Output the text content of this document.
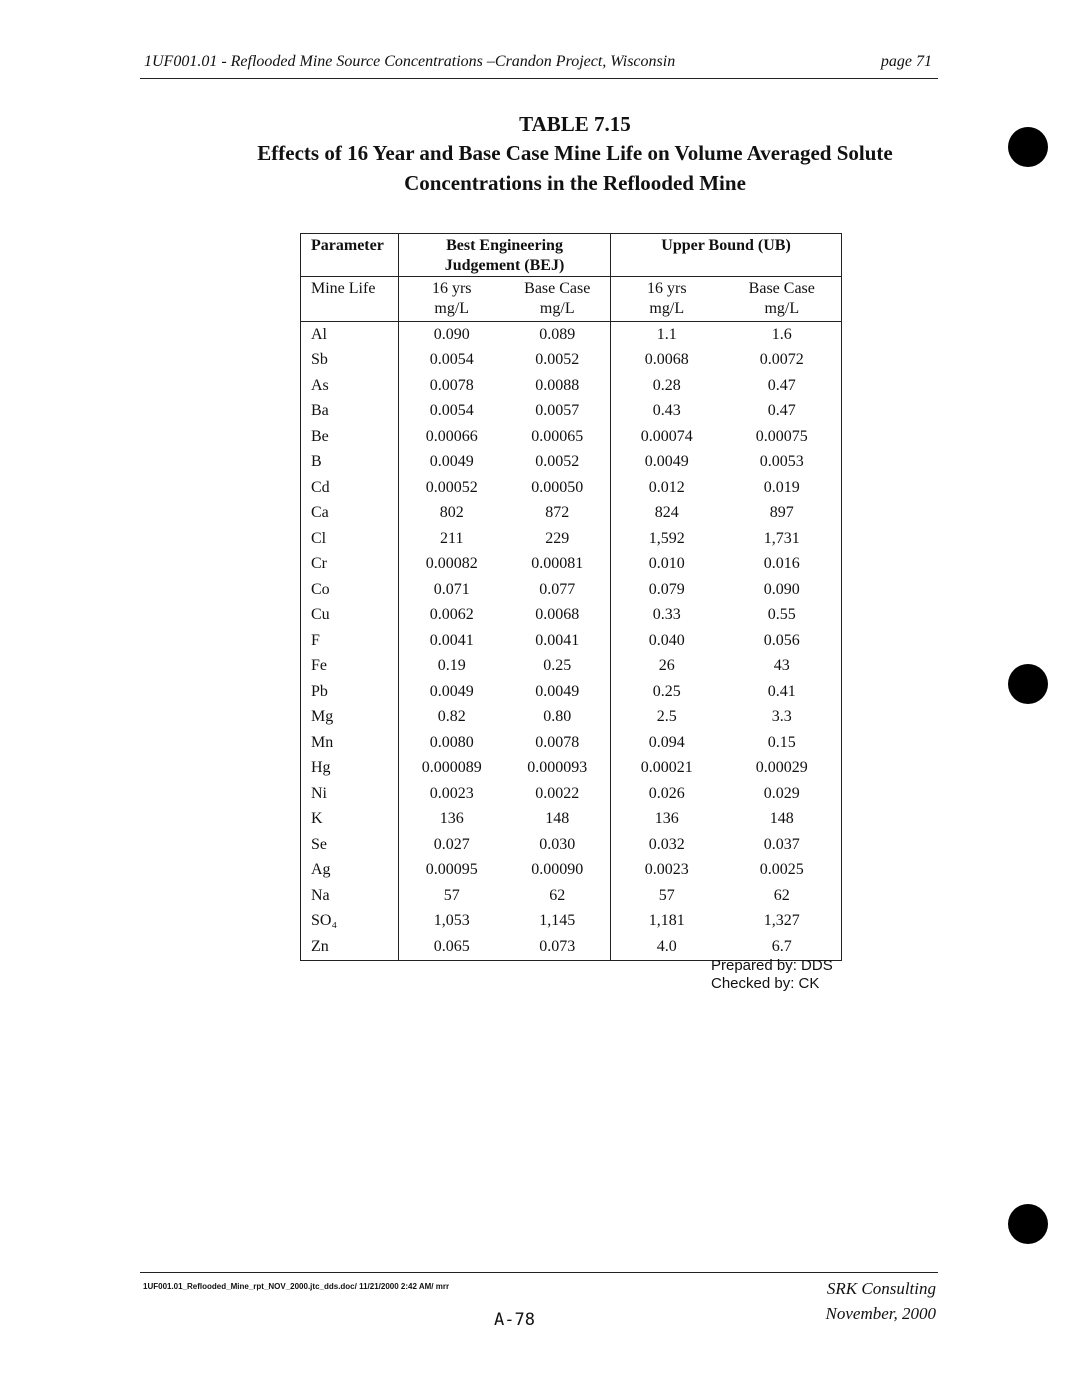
1UF001.01 - Reflooded Mine Source Concentrations –Crandon Project, Wisconsin	page 71
TABLE 7.15
Effects of 16 Year and Base Case Mine Life on Volume Averaged Solute
Concentrations in the Reflooded Mine
Parameter	Best Engineering Judgement (BEJ)		Upper Bound (UB)	
Mine Life	16 yrs mg/L	Base Case mg/L	16 yrs mg/L	Base Case mg/L
Al	0.090	0.089	1.1	1.6
Sb	0.0054	0.0052	0.0068	0.0072
As	0.0078	0.0088	0.28	0.47
Ba	0.0054	0.0057	0.43	0.47
Be	0.00066	0.00065	0.00074	0.00075
B	0.0049	0.0052	0.0049	0.0053
Cd	0.00052	0.00050	0.012	0.019
Ca	802	872	824	897
Cl	211	229	1,592	1,731
Cr	0.00082	0.00081	0.010	0.016
Co	0.071	0.077	0.079	0.090
Cu	0.0062	0.0068	0.33	0.55
F	0.0041	0.0041	0.040	0.056
Fe	0.19	0.25	26	43
Pb	0.0049	0.0049	0.25	0.41
Mg	0.82	0.80	2.5	3.3
Mn	0.0080	0.0078	0.094	0.15
Hg	0.000089	0.000093	0.00021	0.00029
Ni	0.0023	0.0022	0.026	0.029
K	136	148	136	148
Se	0.027	0.030	0.032	0.037
Ag	0.00095	0.00090	0.0023	0.0025
Na	57	62	57	62
SO₄	1,053	1,145	1,181	1,327
Zn	0.065	0.073	4.0	6.7
Prepared by: DDS
Checked by: CK
1UF001.01_Reflooded_Mine_rpt_NOV_2000.jtc_dds.doc/ 11/21/2000 2:42 AM/ mrr	SRK Consulting
November, 2000
A-78
